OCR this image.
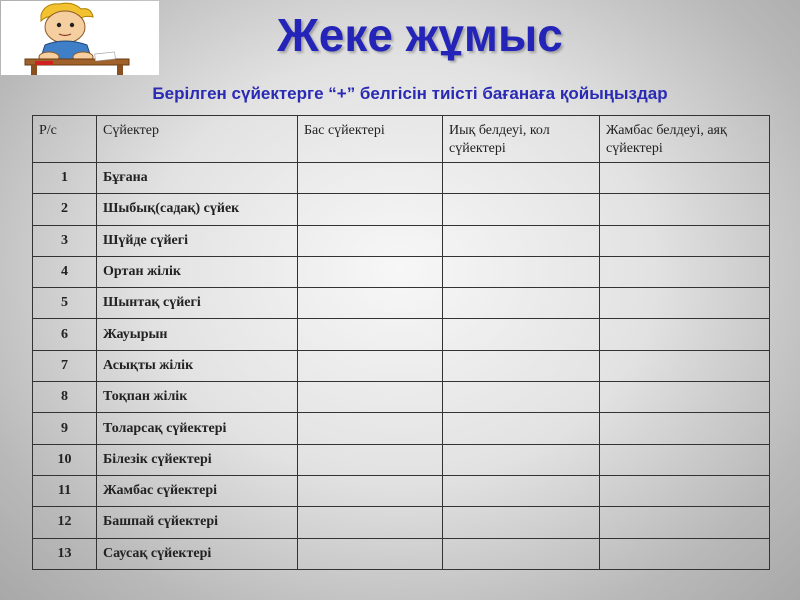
Жеке жұмыс
Берілген сүйектерге “+” белгісін тиісті бағанаға қойыңыздар
Р/с	Сүйектер	Бас сүйектері	Иық белдеуі, кол сүйектері	Жамбас белдеуі, аяқ сүйектері
1	Бұғана			
2	Шыбық(садақ) сүйек			
3	Шүйде сүйегі			
4	Ортан жілік			
5	Шынтақ сүйегі			
6	Жауырын			
7	Асықты жілік			
8	Тоқпан жілік			
9	Толарсақ сүйектері			
10	Білезік сүйектері			
11	Жамбас сүйектері			
12	Башпай сүйектері			
13	Саусақ сүйектері			
